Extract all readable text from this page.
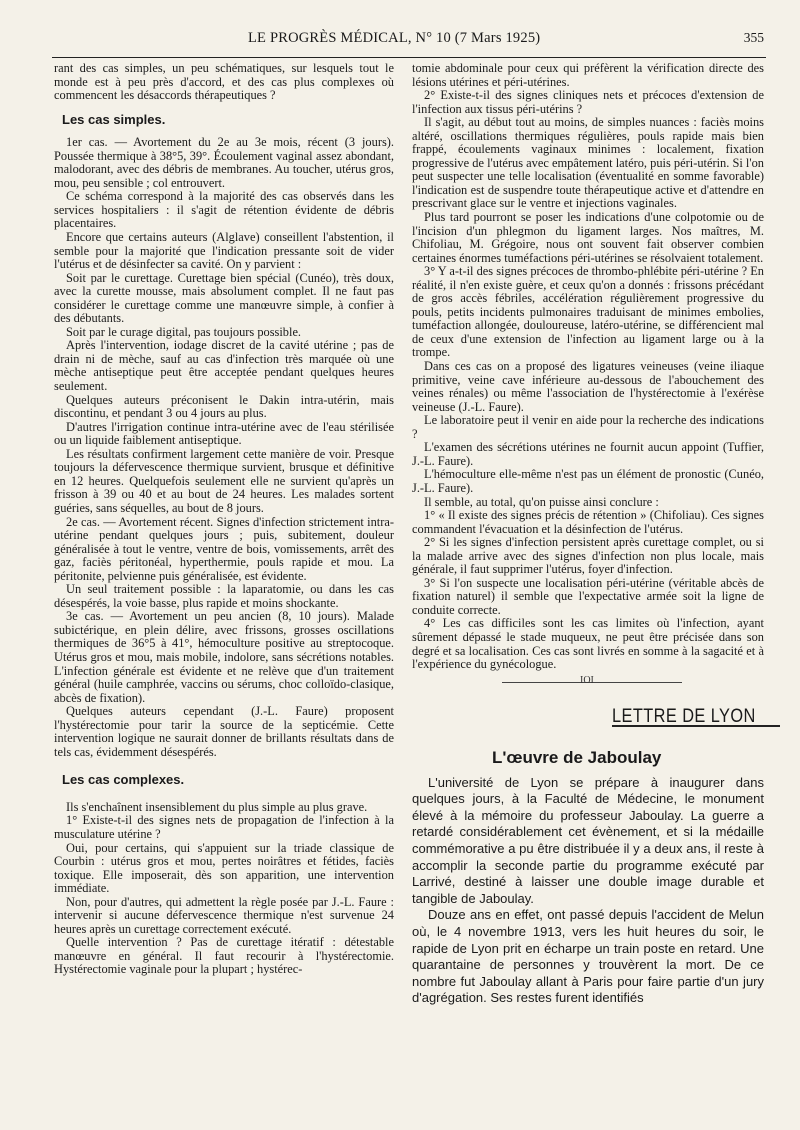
LE PROGRÈS MÉDICAL, N° 10 (7 Mars 1925)	355

rant des cas simples, un peu schématiques, sur lesquels tout le monde est à peu près d'accord, et des cas plus complexes où commencent les désaccords thérapeutiques ?

Les cas simples.

1er cas. — Avortement du 2e au 3e mois, récent (3 jours). Poussée thermique à 38°5, 39°. Écoulement vaginal assez abondant, malodorant, avec des débris de membranes. Au toucher, utérus gros, mou, peu sensible ; col entrouvert.

Ce schéma correspond à la majorité des cas observés dans les services hospitaliers : il s'agit de rétention évidente de débris placentaires.

Encore que certains auteurs (Alglave) conseillent l'abstention, il semble pour la majorité que l'indication pressante soit de vider l'utérus et de désinfecter sa cavité. On y parvient :

Soit par le curettage. Curettage bien spécial (Cunéo), très doux, avec la curette mousse, mais absolument complet. Il ne faut pas considérer le curettage comme une manœuvre simple, à confier à des débutants.

Soit par le curage digital, pas toujours possible.

Après l'intervention, iodage discret de la cavité utérine ; pas de drain ni de mèche, sauf au cas d'infection très marquée où une mèche antiseptique peut être acceptée pendant quelques heures seulement.

Quelques auteurs préconisent le Dakin intra-utérin, mais discontinu, et pendant 3 ou 4 jours au plus.

D'autres l'irrigation continue intra-utérine avec de l'eau stérilisée ou un liquide faiblement antiseptique.

Les résultats confirment largement cette manière de voir. Presque toujours la défervescence thermique survient, brusque et définitive en 12 heures. Quelquefois seulement elle ne survient qu'après un frisson à 39 ou 40 et au bout de 24 heures. Les malades sortent guéries, sans séquelles, au bout de 8 jours.

2e cas. — Avortement récent. Signes d'infection strictement intra-utérine pendant quelques jours ; puis, subitement, douleur généralisée à tout le ventre, ventre de bois, vomissements, arrêt des gaz, faciès péritonéal, hyperthermie, pouls rapide et mou. La péritonite, pelvienne puis généralisée, est évidente.

Un seul traitement possible : la laparatomie, ou dans les cas désespérés, la voie basse, plus rapide et moins shockante.

3e cas. — Avortement un peu ancien (8, 10 jours). Malade subictérique, en plein délire, avec frissons, grosses oscillations thermiques de 36°5 à 41°, hémoculture positive au streptocoque. Utérus gros et mou, mais mobile, indolore, sans sécrétions notables. L'infection générale est évidente et ne relève que d'un traitement général (huile camphrée, vaccins ou sérums, choc colloïdo-clasique, abcès de fixation).

Quelques auteurs cependant (J.-L. Faure) proposent l'hystérectomie pour tarir la source de la septicémie. Cette intervention logique ne saurait donner de brillants résultats dans de tels cas, évidemment désespérés.

Les cas complexes.

Ils s'enchaînent insensiblement du plus simple au plus grave.

1° Existe-t-il des signes nets de propagation de l'infection à la musculature utérine ?

Oui, pour certains, qui s'appuient sur la triade classique de Courbin : utérus gros et mou, pertes noirâtres et fétides, faciès toxique. Elle imposerait, dès son apparition, une intervention immédiate.

Non, pour d'autres, qui admettent la règle posée par J.-L. Faure : intervenir si aucune défervescence thermique n'est survenue 24 heures après un curettage correctement exécuté.

Quelle intervention ? Pas de curettage itératif : détestable manœuvre en général. Il faut recourir à l'hystérectomie. Hystérectomie vaginale pour la plupart ; hystérec-

tomie abdominale pour ceux qui préfèrent la vérification directe des lésions utérines et péri-utérines.

2° Existe-t-il des signes cliniques nets et précoces d'extension de l'infection aux tissus péri-utérins ?

Il s'agit, au début tout au moins, de simples nuances : faciès moins altéré, oscillations thermiques régulières, pouls rapide mais bien frappé, écoulements vaginaux minimes : localement, fixation progressive de l'utérus avec empâtement latéro, puis péri-utérin. Si l'on peut suspecter une telle localisation (éventualité en somme favorable) l'indication est de suspendre toute thérapeutique active et d'attendre en prescrivant glace sur le ventre et injections vaginales.

Plus tard pourront se poser les indications d'une colpotomie ou de l'incision d'un phlegmon du ligament larges. Nos maîtres, M. Chifoliau, M. Grégoire, nous ont souvent fait observer combien certaines énormes tuméfactions péri-utérines se résolvaient totalement.

3° Y a-t-il des signes précoces de thrombo-phlébite péri-utérine ? En réalité, il n'en existe guère, et ceux qu'on a donnés : frissons précédant de gros accès fébriles, accélération régulièrement progressive du pouls, petits incidents pulmonaires traduisant de minimes embolies, tuméfaction allongée, douloureuse, latéro-utérine, se différencient mal de ceux d'une extension de l'infection au ligament large ou à la trompe.

Dans ces cas on a proposé des ligatures veineuses (veine iliaque primitive, veine cave inférieure au-dessous de l'abouchement des veines rénales) ou même l'association de l'hystérectomie à l'exérèse veineuse (J.-L. Faure).

Le laboratoire peut il venir en aide pour la recherche des indications ?

L'examen des sécrétions utérines ne fournit aucun appoint (Tuffier, J.-L. Faure).

L'hémoculture elle-même n'est pas un élément de pronostic (Cunéo, J.-L. Faure).

Il semble, au total, qu'on puisse ainsi conclure :

1° « Il existe des signes précis de rétention » (Chifoliau). Ces signes commandent l'évacuation et la désinfection de l'utérus.

2° Si les signes d'infection persistent après curettage complet, ou si la malade arrive avec des signes d'infection non plus locale, mais générale, il faut supprimer l'utérus, foyer d'infection.

3° Si l'on suspecte une localisation péri-utérine (véritable abcès de fixation naturel) il semble que l'expectative armée soit la ligne de conduite correcte.

4° Les cas difficiles sont les cas limites où l'infection, ayant sûrement dépassé le stade muqueux, ne peut être précisée dans son degré et sa localisation. Ces cas sont livrés en somme à la sagacité et à l'expérience du gynécologue.

IOI
LETTRE DE LYON
L'œuvre de Jaboulay

L'université de Lyon se prépare à inaugurer dans quelques jours, à la Faculté de Médecine, le monument élevé à la mémoire du professeur Jaboulay. La guerre a retardé considérablement cet évènement, et si la médaille commémorative a pu être distribuée il y a deux ans, il reste à accomplir la seconde partie du programme exécuté par Larrivé, destiné à laisser une double image durable et tangible de Jaboulay.

Douze ans en effet, ont passé depuis l'accident de Melun où, le 4 novembre 1913, vers les huit heures du soir, le rapide de Lyon prit en écharpe un train poste en retard. Une quarantaine de personnes y trouvèrent la mort. De ce nombre fut Jaboulay allant à Paris pour faire partie d'un jury d'agrégation. Ses restes furent identifiés
